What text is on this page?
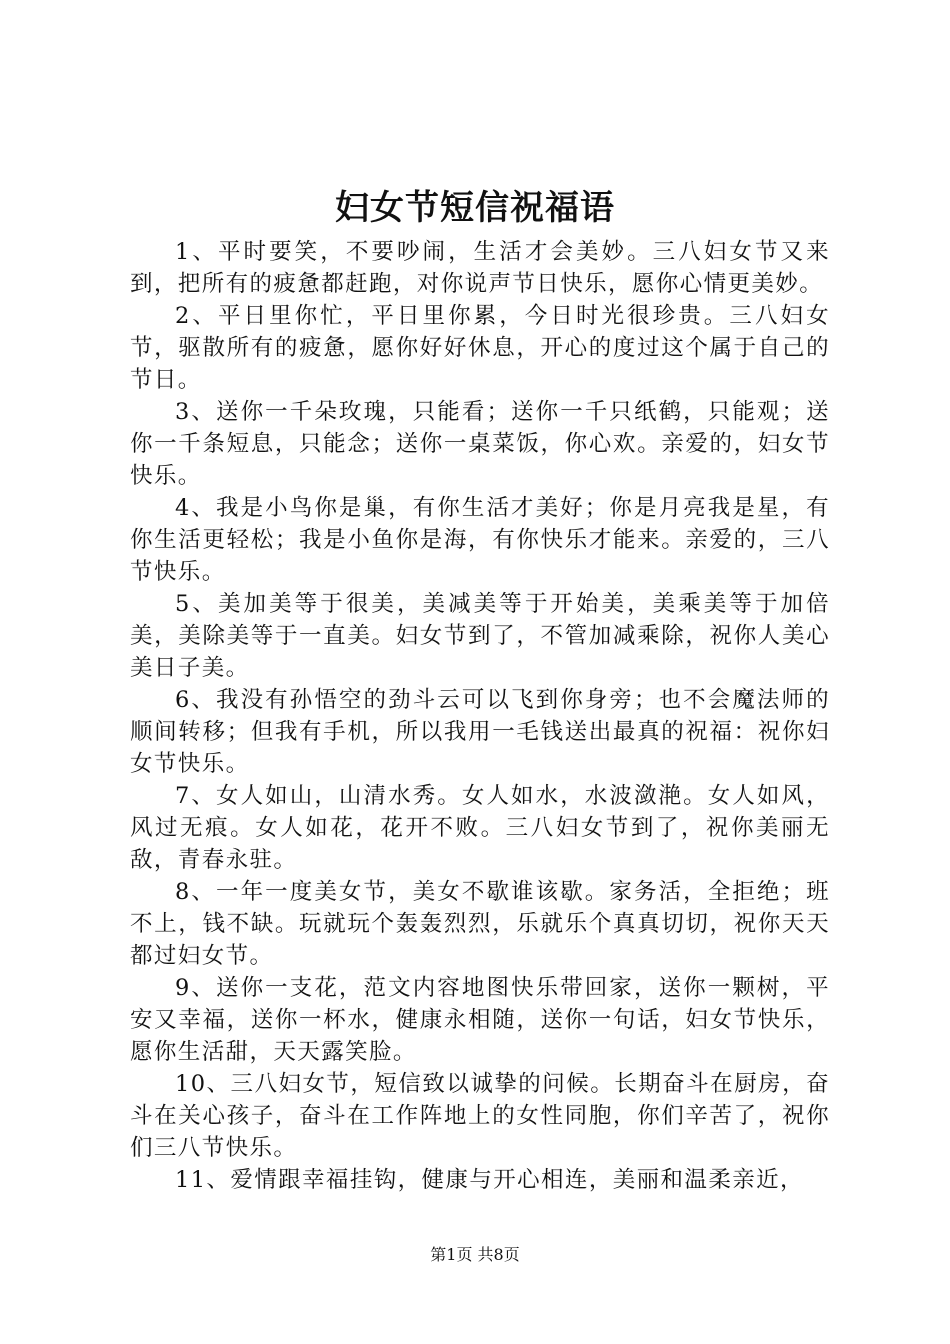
妇女节短信祝福语

1、平时要笑，不要吵闹，生活才会美妙。三八妇女节又来到，把所有的疲惫都赶跑，对你说声节日快乐，愿你心情更美妙。

2、平日里你忙，平日里你累，今日时光很珍贵。三八妇女节，驱散所有的疲惫，愿你好好休息，开心的度过这个属于自己的节日。

3、送你一千朵玫瑰，只能看；送你一千只纸鹤，只能观；送你一千条短息，只能念；送你一桌菜饭，你心欢。亲爱的，妇女节快乐。

4、我是小鸟你是巢，有你生活才美好；你是月亮我是星，有你生活更轻松；我是小鱼你是海，有你快乐才能来。亲爱的，三八节快乐。

5、美加美等于很美，美减美等于开始美，美乘美等于加倍美，美除美等于一直美。妇女节到了，不管加减乘除，祝你人美心美日子美。

6、我没有孙悟空的劲斗云可以飞到你身旁；也不会魔法师的顺间转移；但我有手机，所以我用一毛钱送出最真的祝福：祝你妇女节快乐。

7、女人如山，山清水秀。女人如水，水波潋滟。女人如风，风过无痕。女人如花，花开不败。三八妇女节到了，祝你美丽无敌，青春永驻。

8、一年一度美女节，美女不歇谁该歇。家务活，全拒绝；班不上，钱不缺。玩就玩个轰轰烈烈，乐就乐个真真切切，祝你天天都过妇女节。

9、送你一支花，范文内容地图快乐带回家，送你一颗树，平安又幸福，送你一杯水，健康永相随，送你一句话，妇女节快乐，愿你生活甜，天天露笑脸。

10、三八妇女节，短信致以诚挚的问候。长期奋斗在厨房，奋斗在关心孩子，奋斗在工作阵地上的女性同胞，你们辛苦了，祝你们三八节快乐。

11、爱情跟幸福挂钩，健康与开心相连，美丽和温柔亲近，

第1页 共8页
